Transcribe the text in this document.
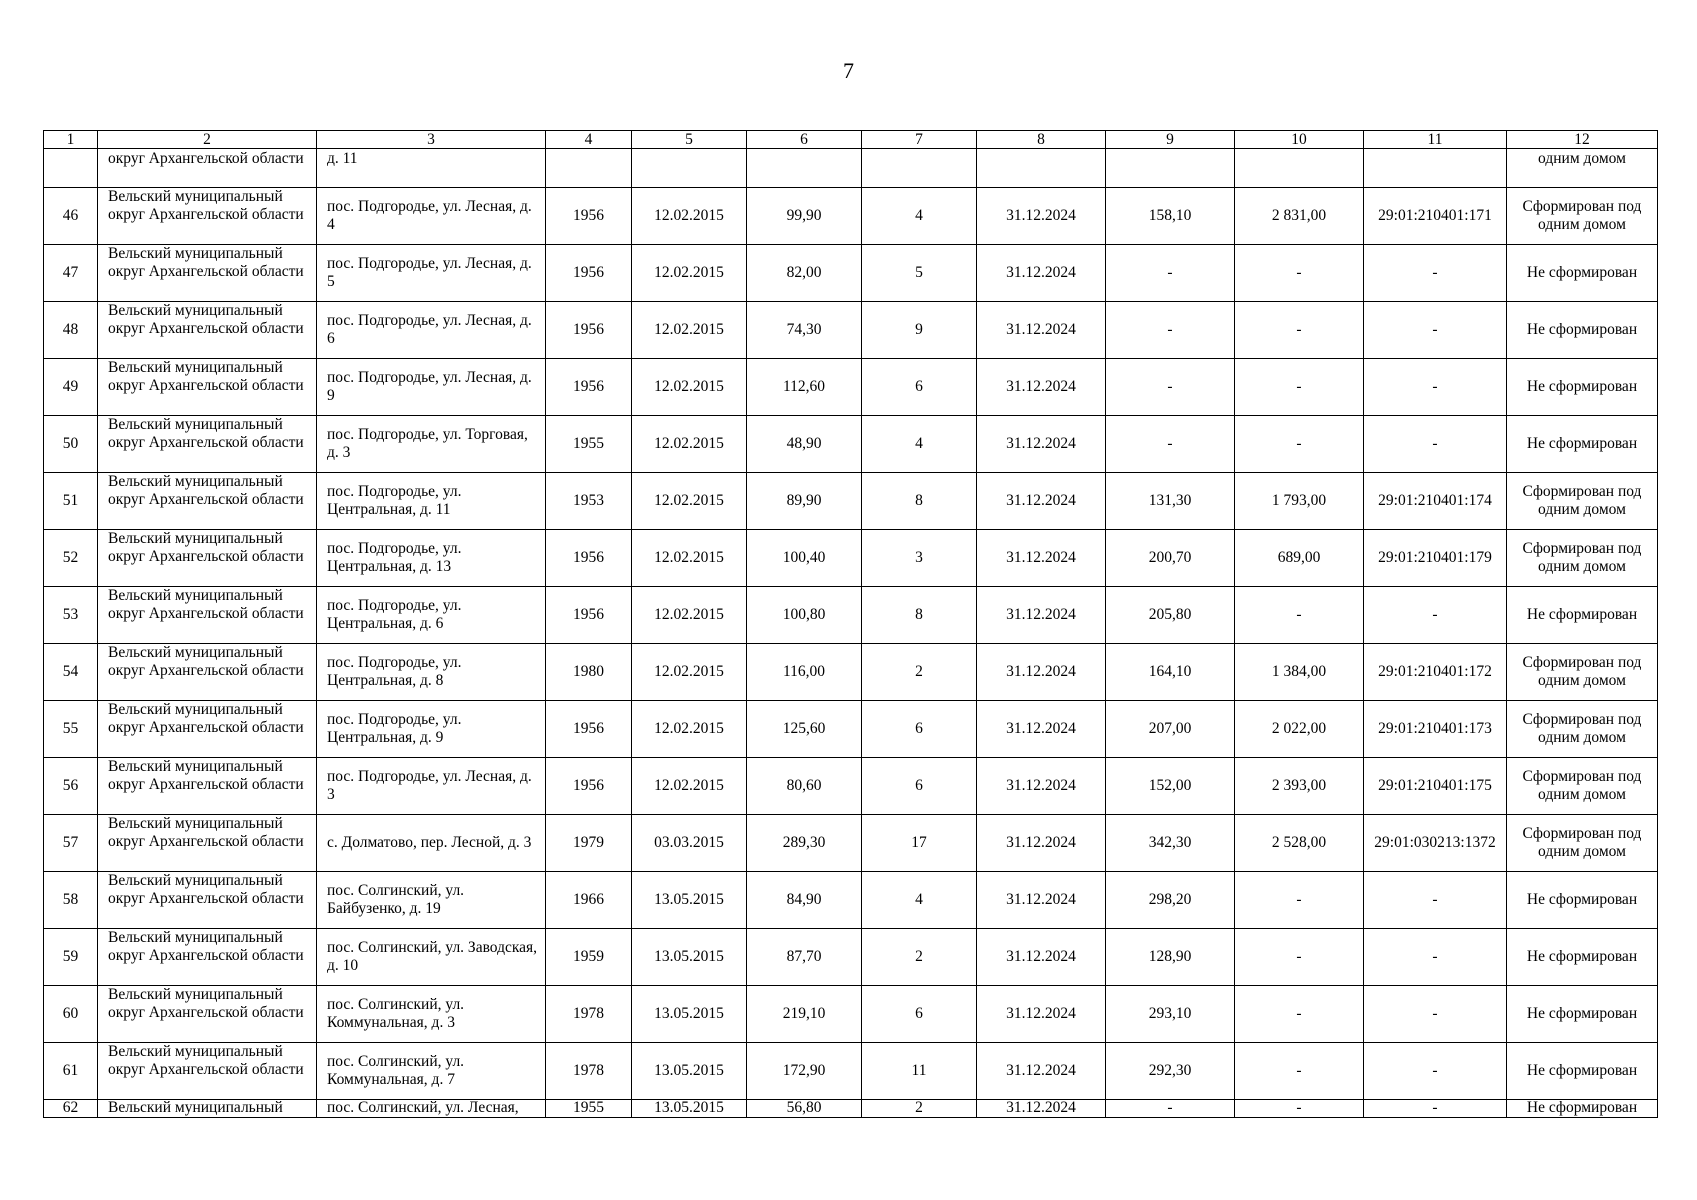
7
1	2	3	4	5	6	7	8	9	10	11	12
	округ Архангельской области	д. 11									одним домом
46	Вельский муниципальный округ Архангельской области	пос. Подгородье, ул. Лесная, д. 4	1956	12.02.2015	99,90	4	31.12.2024	158,10	2 831,00	29:01:210401:171	Сформирован под одним домом
47	Вельский муниципальный округ Архангельской области	пос. Подгородье, ул. Лесная, д. 5	1956	12.02.2015	82,00	5	31.12.2024	-	-	-	Не сформирован
48	Вельский муниципальный округ Архангельской области	пос. Подгородье, ул. Лесная, д. 6	1956	12.02.2015	74,30	9	31.12.2024	-	-	-	Не сформирован
49	Вельский муниципальный округ Архангельской области	пос. Подгородье, ул. Лесная, д. 9	1956	12.02.2015	112,60	6	31.12.2024	-	-	-	Не сформирован
50	Вельский муниципальный округ Архангельской области	пос. Подгородье, ул. Торговая, д. 3	1955	12.02.2015	48,90	4	31.12.2024	-	-	-	Не сформирован
51	Вельский муниципальный округ Архангельской области	пос. Подгородье, ул. Центральная, д. 11	1953	12.02.2015	89,90	8	31.12.2024	131,30	1 793,00	29:01:210401:174	Сформирован под одним домом
52	Вельский муниципальный округ Архангельской области	пос. Подгородье, ул. Центральная, д. 13	1956	12.02.2015	100,40	3	31.12.2024	200,70	689,00	29:01:210401:179	Сформирован под одним домом
53	Вельский муниципальный округ Архангельской области	пос. Подгородье, ул. Центральная, д. 6	1956	12.02.2015	100,80	8	31.12.2024	205,80	-	-	Не сформирован
54	Вельский муниципальный округ Архангельской области	пос. Подгородье, ул. Центральная, д. 8	1980	12.02.2015	116,00	2	31.12.2024	164,10	1 384,00	29:01:210401:172	Сформирован под одним домом
55	Вельский муниципальный округ Архангельской области	пос. Подгородье, ул. Центральная, д. 9	1956	12.02.2015	125,60	6	31.12.2024	207,00	2 022,00	29:01:210401:173	Сформирован под одним домом
56	Вельский муниципальный округ Архангельской области	пос. Подгородье, ул. Лесная, д. 3	1956	12.02.2015	80,60	6	31.12.2024	152,00	2 393,00	29:01:210401:175	Сформирован под одним домом
57	Вельский муниципальный округ Архангельской области	с. Долматово, пер. Лесной, д. 3	1979	03.03.2015	289,30	17	31.12.2024	342,30	2 528,00	29:01:030213:1372	Сформирован под одним домом
58	Вельский муниципальный округ Архангельской области	пос. Солгинский, ул. Байбузенко, д. 19	1966	13.05.2015	84,90	4	31.12.2024	298,20	-	-	Не сформирован
59	Вельский муниципальный округ Архангельской области	пос. Солгинский, ул. Заводская, д. 10	1959	13.05.2015	87,70	2	31.12.2024	128,90	-	-	Не сформирован
60	Вельский муниципальный округ Архангельской области	пос. Солгинский, ул. Коммунальная, д. 3	1978	13.05.2015	219,10	6	31.12.2024	293,10	-	-	Не сформирован
61	Вельский муниципальный округ Архангельской области	пос. Солгинский, ул. Коммунальная, д. 7	1978	13.05.2015	172,90	11	31.12.2024	292,30	-	-	Не сформирован
62	Вельский муниципальный	пос. Солгинский, ул. Лесная,	1955	13.05.2015	56,80	2	31.12.2024	-	-	-	Не сформирован
